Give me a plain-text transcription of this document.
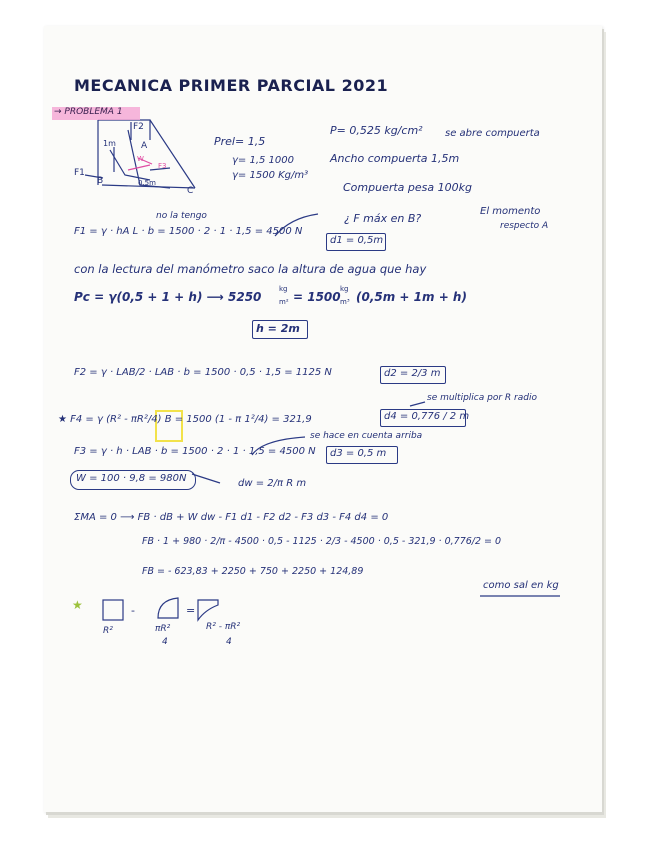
MECANICA PRIMER PARCIAL 2021
→ PROBLEMA 1
F2
1m	A
F1
B
W
F3
0.5m
C
Prel= 1,5
γ= 1,5 1000
γ= 1500 Kg/m³
P= 0,525 kg/cm² se abre compuerta
Ancho compuerta 1,5m
Compuerta pesa 100kg
¿ F máx en B?
El momento
respecto A
no la tengo
F1 = γ · hA L · b = 1500 · 2 · 1 · 1,5 = 4500 N
d1 = 0,5m
con la lectura del manómetro saco la altura de agua que hay
Pc = γ(0,5 + 1 + h) ⟶ 5250
kg
m² = 1500
kg
m³ (0,5m + 1m + h)
h = 2m
F2 = γ · LAB/2 · LAB · b = 1500 · 0,5 · 1,5 = 1125 N	d2 = 2/3 m
se multiplica por R radio
★ F4 = γ (R² - πR²/4) B = 1500 (1 - π 1²/4) = 321,9	d4 = 0,776 / 2 m
se hace en cuenta arriba
F3 = γ · h · LAB · b = 1500 · 2 · 1 · 1,5 = 4500 N d3 = 0,5 m
W = 100 · 9,8 = 980N	dw = 2/π R m
ΣMA = 0 ⟶ FB · dB + W dw - F1 d1 - F2 d2 - F3 d3 - F4 d4 = 0
FB · 1 + 980 · 2/π - 4500 · 0,5 - 1125 · 2/3 - 4500 · 0,5 - 321,9 · 0,776/2 = 0
FB = - 623,83 + 2250 + 750 + 2250 + 124,89
como sal en kg
★	-	=
R²	πR²
4
R² - πR²
4
